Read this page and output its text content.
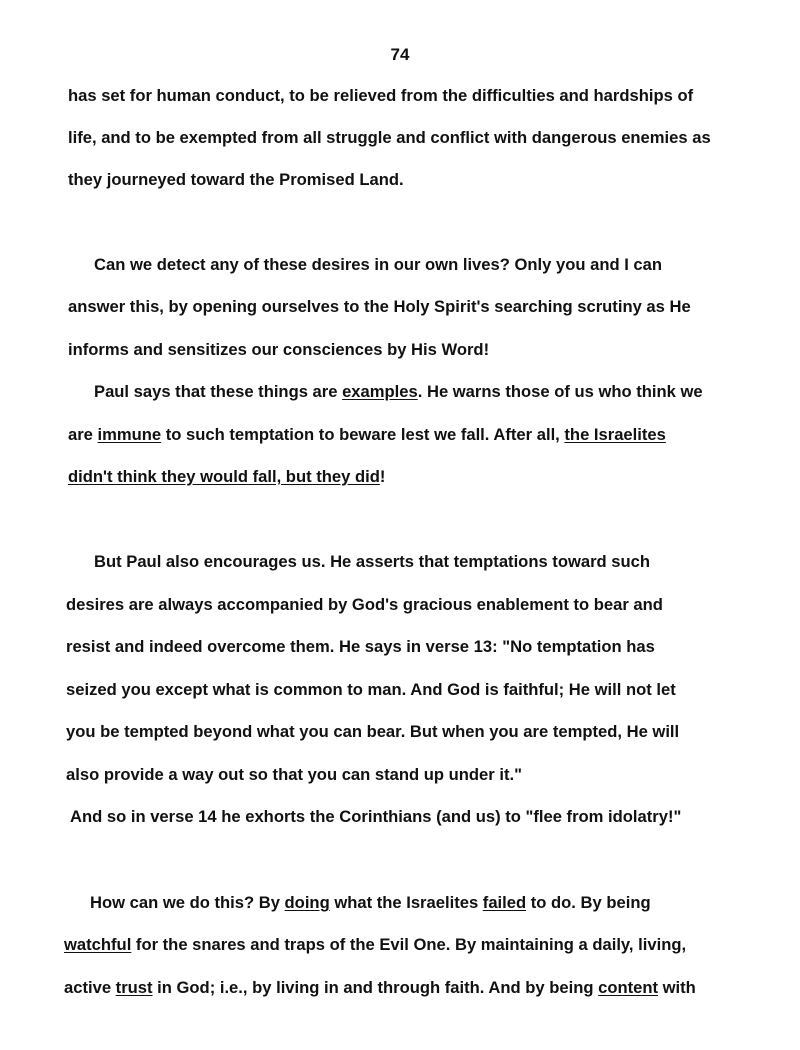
74
has set for human conduct, to be relieved from the difficulties and hardships of
life, and to be exempted from all struggle and conflict with dangerous enemies as
they journeyed toward the Promised Land.
Can we detect any of these desires in our own lives? Only you and I can
answer this, by opening ourselves to the Holy Spirit's searching scrutiny as He
informs and sensitizes our consciences by His Word!
Paul says that these things are examples. He warns those of us who think we
are immune to such temptation to beware lest we fall. After all, the Israelites
didn't think they would fall, but they did!
But Paul also encourages us. He asserts that temptations toward such
desires are always accompanied by God's gracious enablement to bear and
resist and indeed overcome them. He says in verse 13: "No temptation has
seized you except what is common to man. And God is faithful; He will not let
you be tempted beyond what you can bear. But when you are tempted, He will
also provide a way out so that you can stand up under it."
And so in verse 14 he exhorts the Corinthians (and us) to "flee from idolatry!"
How can we do this? By doing what the Israelites failed to do. By being
watchful for the snares and traps of the Evil One. By maintaining a daily, living,
active trust in God; i.e., by living in and through faith. And by being content with
